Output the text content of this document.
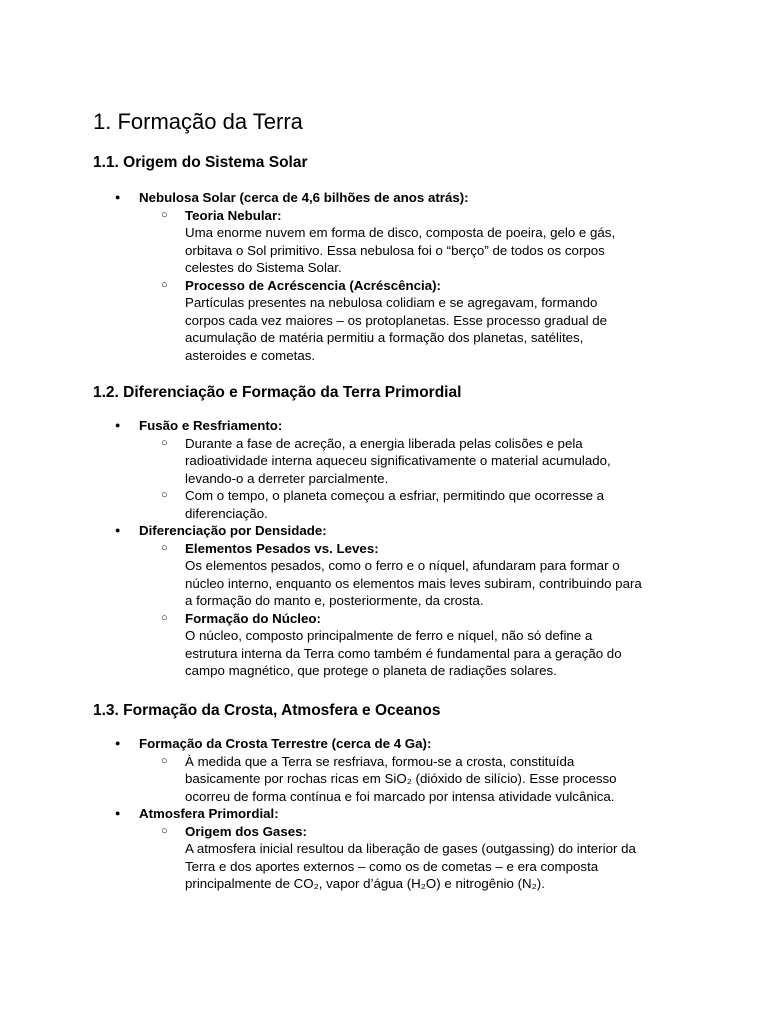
1. Formação da Terra
1.1. Origem do Sistema Solar
● Nebulosa Solar (cerca de 4,6 bilhões de anos atrás):
○ Teoria Nebular:
Uma enorme nuvem em forma de disco, composta de poeira, gelo e gás,
orbitava o Sol primitivo. Essa nebulosa foi o “berço” de todos os corpos
celestes do Sistema Solar.
○ Processo de Acréscencia (Acréscência):
Partículas presentes na nebulosa colidiam e se agregavam, formando
corpos cada vez maiores – os protoplanetas. Esse processo gradual de
acumulação de matéria permitiu a formação dos planetas, satélites,
asteroides e cometas.
1.2. Diferenciação e Formação da Terra Primordial
● Fusão e Resfriamento:
○ Durante a fase de acreção, a energia liberada pelas colisões e pela
radioatividade interna aqueceu significativamente o material acumulado,
levando-o a derreter parcialmente.
○ Com o tempo, o planeta começou a esfriar, permitindo que ocorresse a
diferenciação.
● Diferenciação por Densidade:
○ Elementos Pesados vs. Leves:
Os elementos pesados, como o ferro e o níquel, afundaram para formar o
núcleo interno, enquanto os elementos mais leves subiram, contribuindo para
a formação do manto e, posteriormente, da crosta.
○ Formação do Núcleo:
O núcleo, composto principalmente de ferro e níquel, não só define a
estrutura interna da Terra como também é fundamental para a geração do
campo magnético, que protege o planeta de radiações solares.
1.3. Formação da Crosta, Atmosfera e Oceanos
● Formação da Crosta Terrestre (cerca de 4 Ga):
○ À medida que a Terra se resfriava, formou-se a crosta, constituída
basicamente por rochas ricas em SiO₂ (dióxido de silício). Esse processo
ocorreu de forma contínua e foi marcado por intensa atividade vulcânica.
● Atmosfera Primordial:
○ Origem dos Gases:
A atmosfera inicial resultou da liberação de gases (outgassing) do interior da
Terra e dos aportes externos – como os de cometas – e era composta
principalmente de CO₂, vapor d’água (H₂O) e nitrogênio (N₂).
